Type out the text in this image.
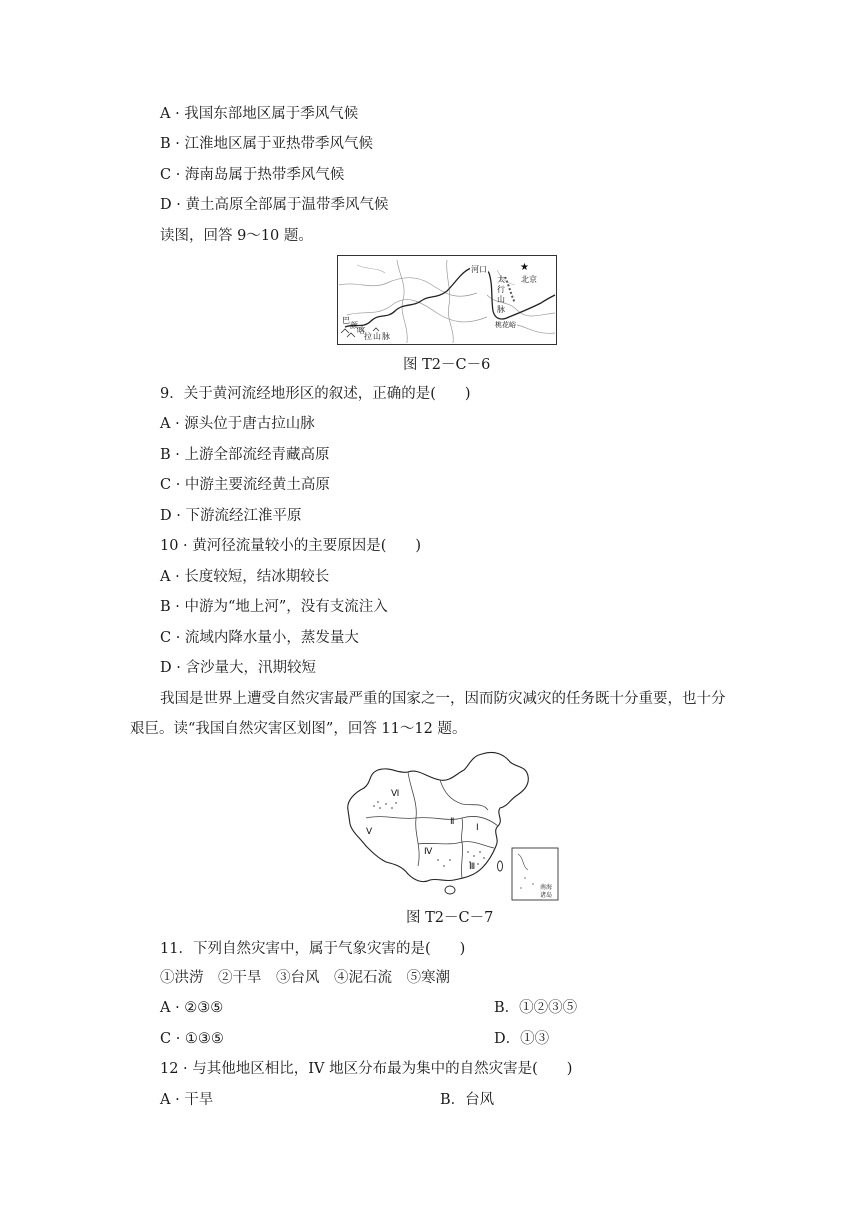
A · 我国东部地区属于季风气候
B · 江淮地区属于亚热带季风气候
C · 海南岛属于热带季风气候
D · 黄土高原全部属于温带季风气候
读图，回答 9～10 题。
河口	★
北京
太
行
山
脉
桃花峪
巴
颜
喀
拉 山 脉
图 T2－C－6
9．关于黄河流经地形区的叙述，正确的是(　　)
A · 源头位于唐古拉山脉
B · 上游全部流经青藏高原
C · 中游主要流经黄土高原
D · 下游流经江淮平原
10 · 黄河径流量较小的主要原因是(　　)
A · 长度较短，结冰期较长
B · 中游为“地上河”，没有支流注入
C · 流域内降水量小，蒸发量大
D · 含沙量大，汛期较短
我国是世界上遭受自然灾害最严重的国家之一，因而防灾减灾的任务既十分重要，也十分艰巨。读“我国自然灾害区划图”，回答 11～12 题。
Ⅵ
Ⅴ
Ⅳ
Ⅲ
Ⅱ
Ⅰ
南海
诸岛
图 T2－C－7
11．下列自然灾害中，属于气象灾害的是(　　)
①洪涝　②干旱　③台风　④泥石流　⑤寒潮
A · ②③⑤	B．①②③⑤
C · ①③⑤	D．①③
12 · 与其他地区相比，IV 地区分布最为集中的自然灾害是(　　)
A · 干旱	B．台风
